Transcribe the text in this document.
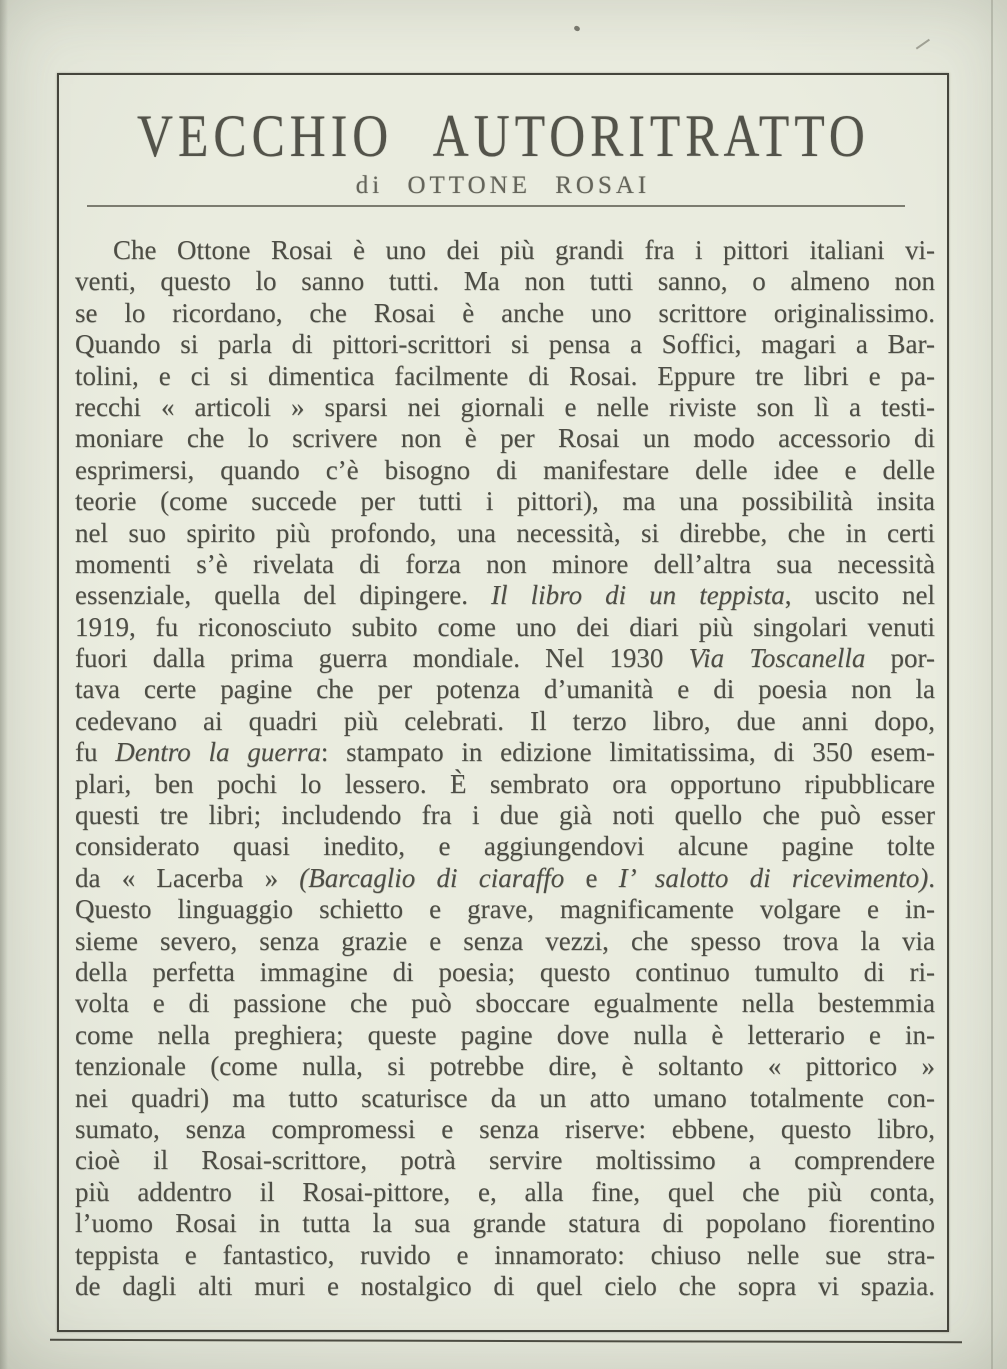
VECCHIO AUTORITRATTO
di OTTONE ROSAI
Che Ottone Rosai è uno dei più grandi fra i pittori italiani vi-
venti, questo lo sanno tutti. Ma non tutti sanno, o almeno non
se lo ricordano, che Rosai è anche uno scrittore originalissimo.
Quando si parla di pittori-scrittori si pensa a Soffici, magari a Bar-
tolini, e ci si dimentica facilmente di Rosai. Eppure tre libri e pa-
recchi « articoli » sparsi nei giornali e nelle riviste son lì a testi-
moniare che lo scrivere non è per Rosai un modo accessorio di
esprimersi, quando c’è bisogno di manifestare delle idee e delle
teorie (come succede per tutti i pittori), ma una possibilità insita
nel suo spirito più profondo, una necessità, si direbbe, che in certi
momenti s’è rivelata di forza non minore dell’altra sua necessità
essenziale, quella del dipingere. Il libro di un teppista, uscito nel
1919, fu riconosciuto subito come uno dei diari più singolari venuti
fuori dalla prima guerra mondiale. Nel 1930 Via Toscanella por-
tava certe pagine che per potenza d’umanità e di poesia non la
cedevano ai quadri più celebrati. Il terzo libro, due anni dopo,
fu Dentro la guerra: stampato in edizione limitatissima, di 350 esem-
plari, ben pochi lo lessero. È sembrato ora opportuno ripubblicare
questi tre libri; includendo fra i due già noti quello che può esser
considerato quasi inedito, e aggiungendovi alcune pagine tolte
da « Lacerba » (Barcaglio di ciaraffo e I’ salotto di ricevimento).
Questo linguaggio schietto e grave, magnificamente volgare e in-
sieme severo, senza grazie e senza vezzi, che spesso trova la via
della perfetta immagine di poesia; questo continuo tumulto di ri-
volta e di passione che può sboccare egualmente nella bestemmia
come nella preghiera; queste pagine dove nulla è letterario e in-
tenzionale (come nulla, si potrebbe dire, è soltanto « pittorico »
nei quadri) ma tutto scaturisce da un atto umano totalmente con-
sumato, senza compromessi e senza riserve: ebbene, questo libro,
cioè il Rosai-scrittore, potrà servire moltissimo a comprendere
più addentro il Rosai-pittore, e, alla fine, quel che più conta,
l’uomo Rosai in tutta la sua grande statura di popolano fiorentino
teppista e fantastico, ruvido e innamorato: chiuso nelle sue stra-
de dagli alti muri e nostalgico di quel cielo che sopra vi spazia.
